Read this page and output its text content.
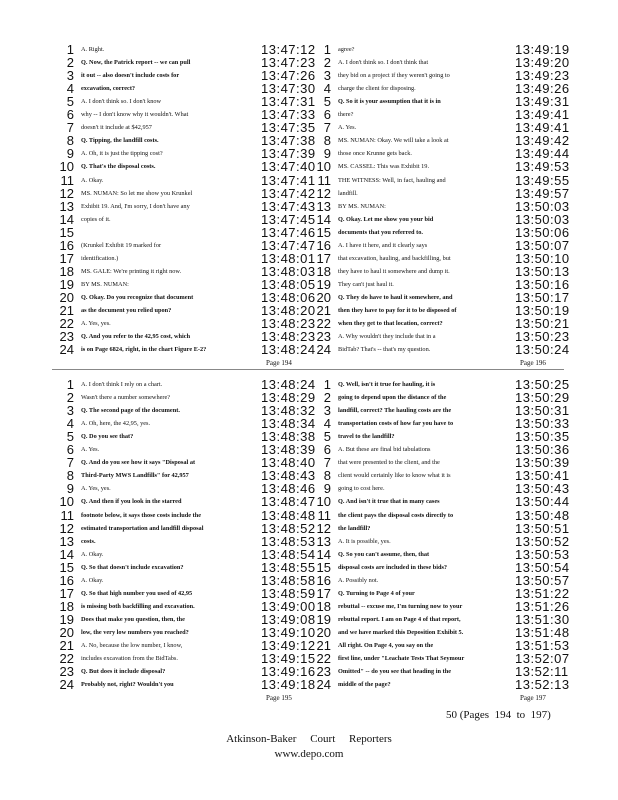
1 A. Right.	13:47:12
2 Q. Now, the Patrick report -- we can pull	13:47:23
3 it out -- also doesn't include costs for	13:47:26
4 excavation, correct?	13:47:30
5 A. I don't think so. I don't know	13:47:31
6 why -- I don't know why it wouldn't. What	13:47:33
7 doesn't it include at $42,957	13:47:35
8 Q. Tipping, the landfill costs.	13:47:38
9 A. Oh, it is just the tipping cost?	13:47:39
10 Q. That's the disposal costs.	13:47:40
11 A. Okay.	13:47:41
12 MS. NUMAN: So let me show you Krunkel	13:47:42
13 Exhibit 19. And, I'm sorry, I don't have any	13:47:43
14 copies of it.	13:47:45
15	13:47:46
16 (Krunkel Exhibit 19 marked for	13:47:47
17 identification.)	13:48:01
18 MS. GALE: We're printing it right now.	13:48:03
19 BY MS. NUMAN:	13:48:05
20 Q. Okay. Do you recognize that document	13:48:06
21 as the document you relied upon?	13:48:20
22 A. Yes, yes.	13:48:23
23 Q. And you refer to the 42,95 cost, which	13:48:23
24 is on Page 6824, right, in the chart Figure E-2?	13:48:24
Page 194
1 agree?	13:49:19
2 A. I don't think so. I don't think that	13:49:20
3 they bid on a project if they weren't going to	13:49:23
4 charge the client for disposing.	13:49:26
5 Q. So it is your assumption that it is in	13:49:31
6 there?	13:49:41
7 A. Yes.	13:49:41
8 MS. NUMAN: Okay. We will take a look at	13:49:42
9 those once Krunne gets back.	13:49:44
10 MS. CASSEL: This was Exhibit 19.	13:49:53
11 THE WITNESS: Well, in fact, hauling and	13:49:55
12 landfill.	13:49:57
13 BY MS. NUMAN:	13:50:03
14 Q. Okay. Let me show you your bid	13:50:03
15 documents that you referred to.	13:50:06
16 A. I have it here, and it clearly says	13:50:07
17 that excavation, hauling, and backfilling, but	13:50:10
18 they have to haul it somewhere and dump it.	13:50:13
19 They can't just haul it.	13:50:16
20 Q. They do have to haul it somewhere, and	13:50:17
21 then they have to pay for it to be disposed of	13:50:19
22 when they get to that location, correct?	13:50:21
23 A. Why wouldn't they include that in a	13:50:23
24 BidTab? That's -- that's my question.	13:50:24
Page 196
1 A. I don't think I rely on a chart.	13:48:24
2 Wasn't there a number somewhere?	13:48:29
3 Q. The second page of the document.	13:48:32
4 A. Oh, here, the 42,95, yes.	13:48:34
5 Q. Do you see that?	13:48:38
6 A. Yes.	13:48:39
7 Q. And do you see how it says "Disposal at	13:48:40
8 Third-Party MWS Landfills" for 42,957	13:48:43
9 A. Yes, yes.	13:48:46
10 Q. And then if you look in the starred	13:48:47
11 footnote below, it says those costs include the	13:48:48
12 estimated transportation and landfill disposal	13:48:52
13 costs.	13:48:53
14 A. Okay.	13:48:54
15 Q. So that doesn't include excavation?	13:48:55
16 A. Okay.	13:48:58
17 Q. So that high number you used of 42,95	13:48:59
18 is missing both backfilling and excavation.	13:49:00
19 Does that make you question, then, the	13:49:08
20 low, the very low numbers you reached?	13:49:10
21 A. No, because the low number, I know,	13:49:12
22 includes excavation from the BidTabs.	13:49:15
23 Q. But does it include disposal?	13:49:16
24 Probably not, right? Wouldn't you	13:49:18
Page 195
1 Q. Well, isn't it true for hauling, it is	13:50:25
2 going to depend upon the distance of the	13:50:29
3 landfill, correct? The hauling costs are the	13:50:31
4 transportation costs of how far you have to	13:50:33
5 travel to the landfill?	13:50:35
6 A. But these are final bid tabulations	13:50:36
7 that were presented to the client, and the	13:50:39
8 client would certainly like to know what it is	13:50:41
9 going to cost here.	13:50:43
10 Q. And isn't it true that in many cases	13:50:44
11 the client pays the disposal costs directly to	13:50:48
12 the landfill?	13:50:51
13 A. It is possible, yes.	13:50:52
14 Q. So you can't assume, then, that	13:50:53
15 disposal costs are included in these bids?	13:50:54
16 A. Possibly not.	13:50:57
17 Q. Turning to Page 4 of your	13:51:22
18 rebuttal -- excuse me, I'm turning now to your	13:51:26
19 rebuttal report. I am on Page 4 of that report,	13:51:30
20 and we have marked this Deposition Exhibit 5.	13:51:48
21 All right. On Page 4, you say on the	13:51:53
22 first line, under "Leachate Tests That Seymour	13:52:07
23 Omitted" -- do you see that heading in the	13:52:11
24 middle of the page?	13:52:13
Page 197
50 (Pages  194  to  197)
Atkinson-Baker     Court     Reporters
www.depo.com
